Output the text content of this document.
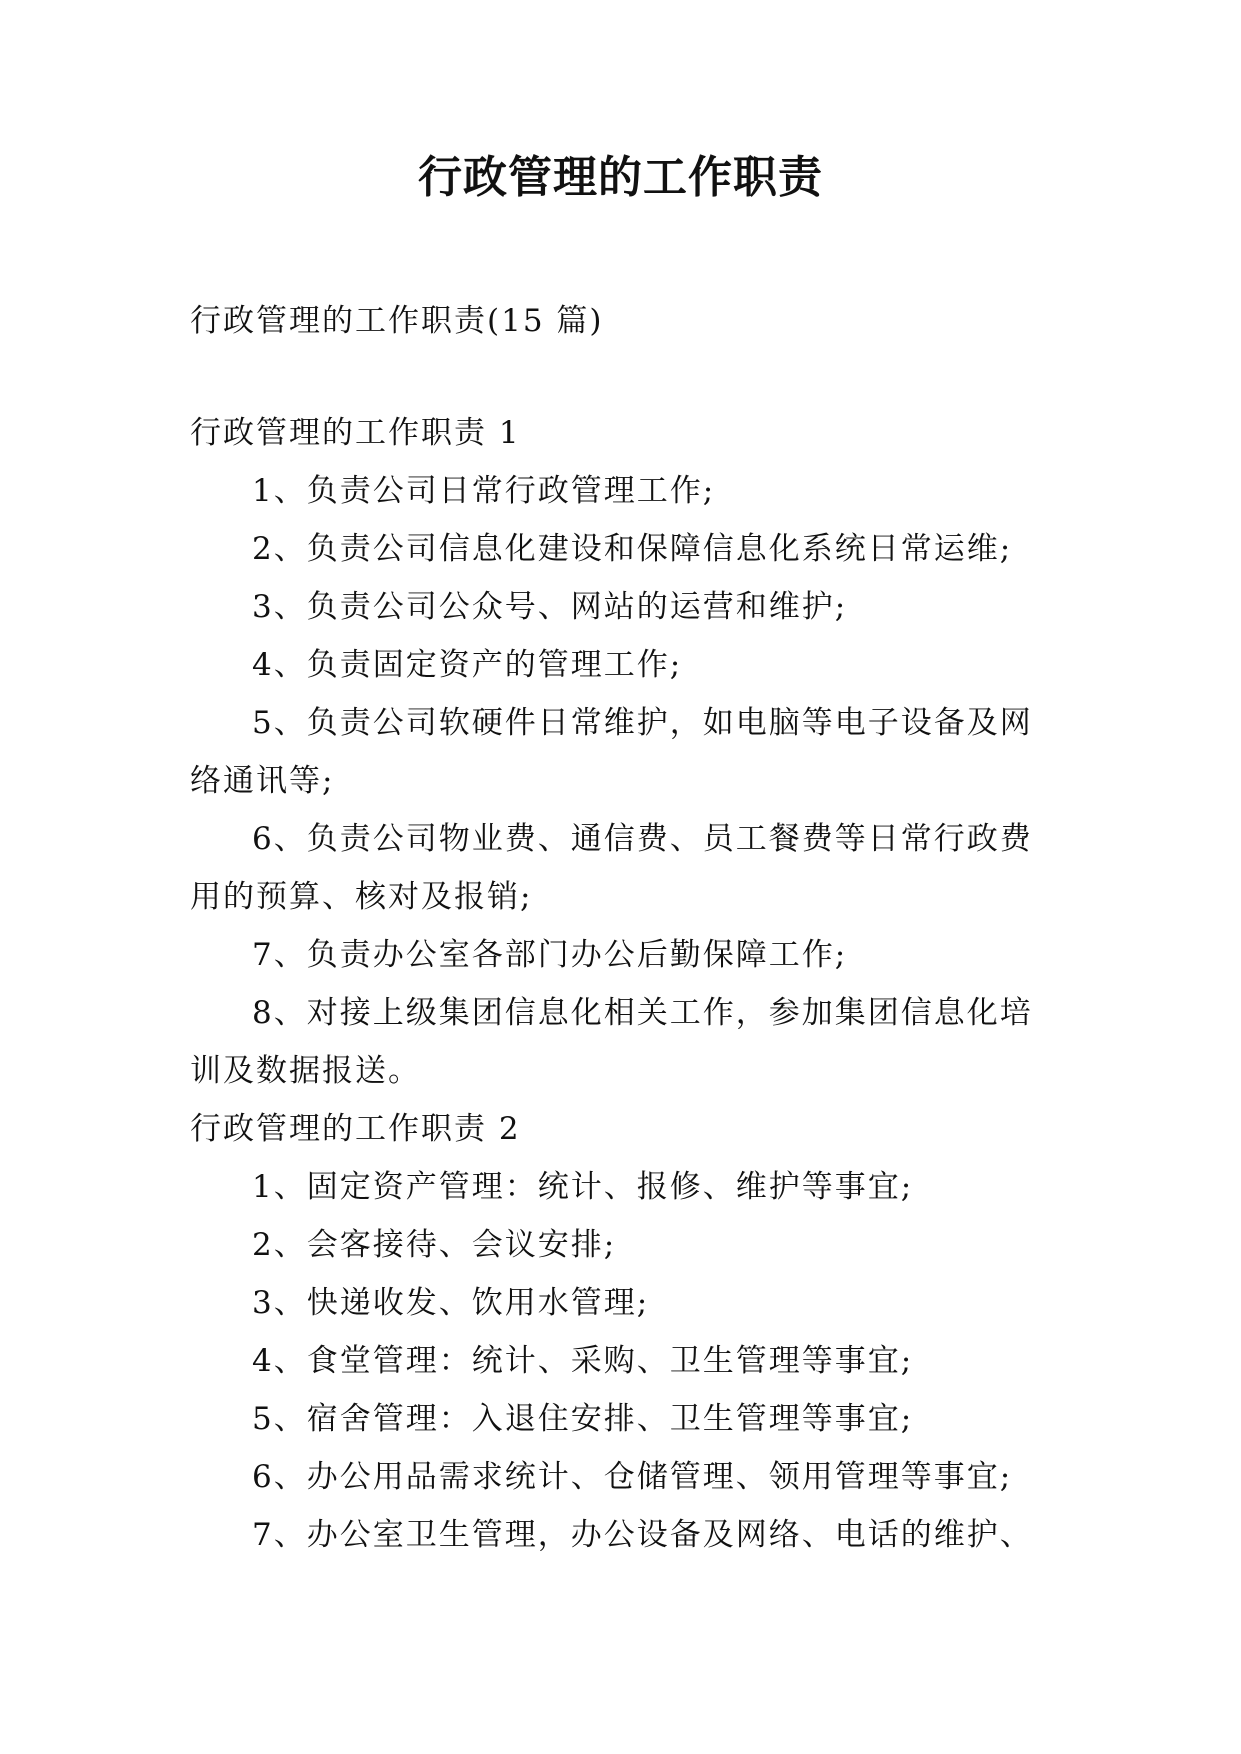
行政管理的工作职责
行政管理的工作职责(15 篇)

行政管理的工作职责 1

1、负责公司日常行政管理工作;

2、负责公司信息化建设和保障信息化系统日常运维;

3、负责公司公众号、网站的运营和维护;

4、负责固定资产的管理工作;

5、负责公司软硬件日常维护，如电脑等电子设备及网络通讯等;

6、负责公司物业费、通信费、员工餐费等日常行政费用的预算、核对及报销;

7、负责办公室各部门办公后勤保障工作;

8、对接上级集团信息化相关工作，参加集团信息化培训及数据报送。

行政管理的工作职责 2

1、固定资产管理：统计、报修、维护等事宜;

2、会客接待、会议安排;

3、快递收发、饮用水管理;

4、食堂管理：统计、采购、卫生管理等事宜;

5、宿舍管理：入退住安排、卫生管理等事宜;

6、办公用品需求统计、仓储管理、领用管理等事宜;

7、办公室卫生管理，办公设备及网络、电话的维护、
